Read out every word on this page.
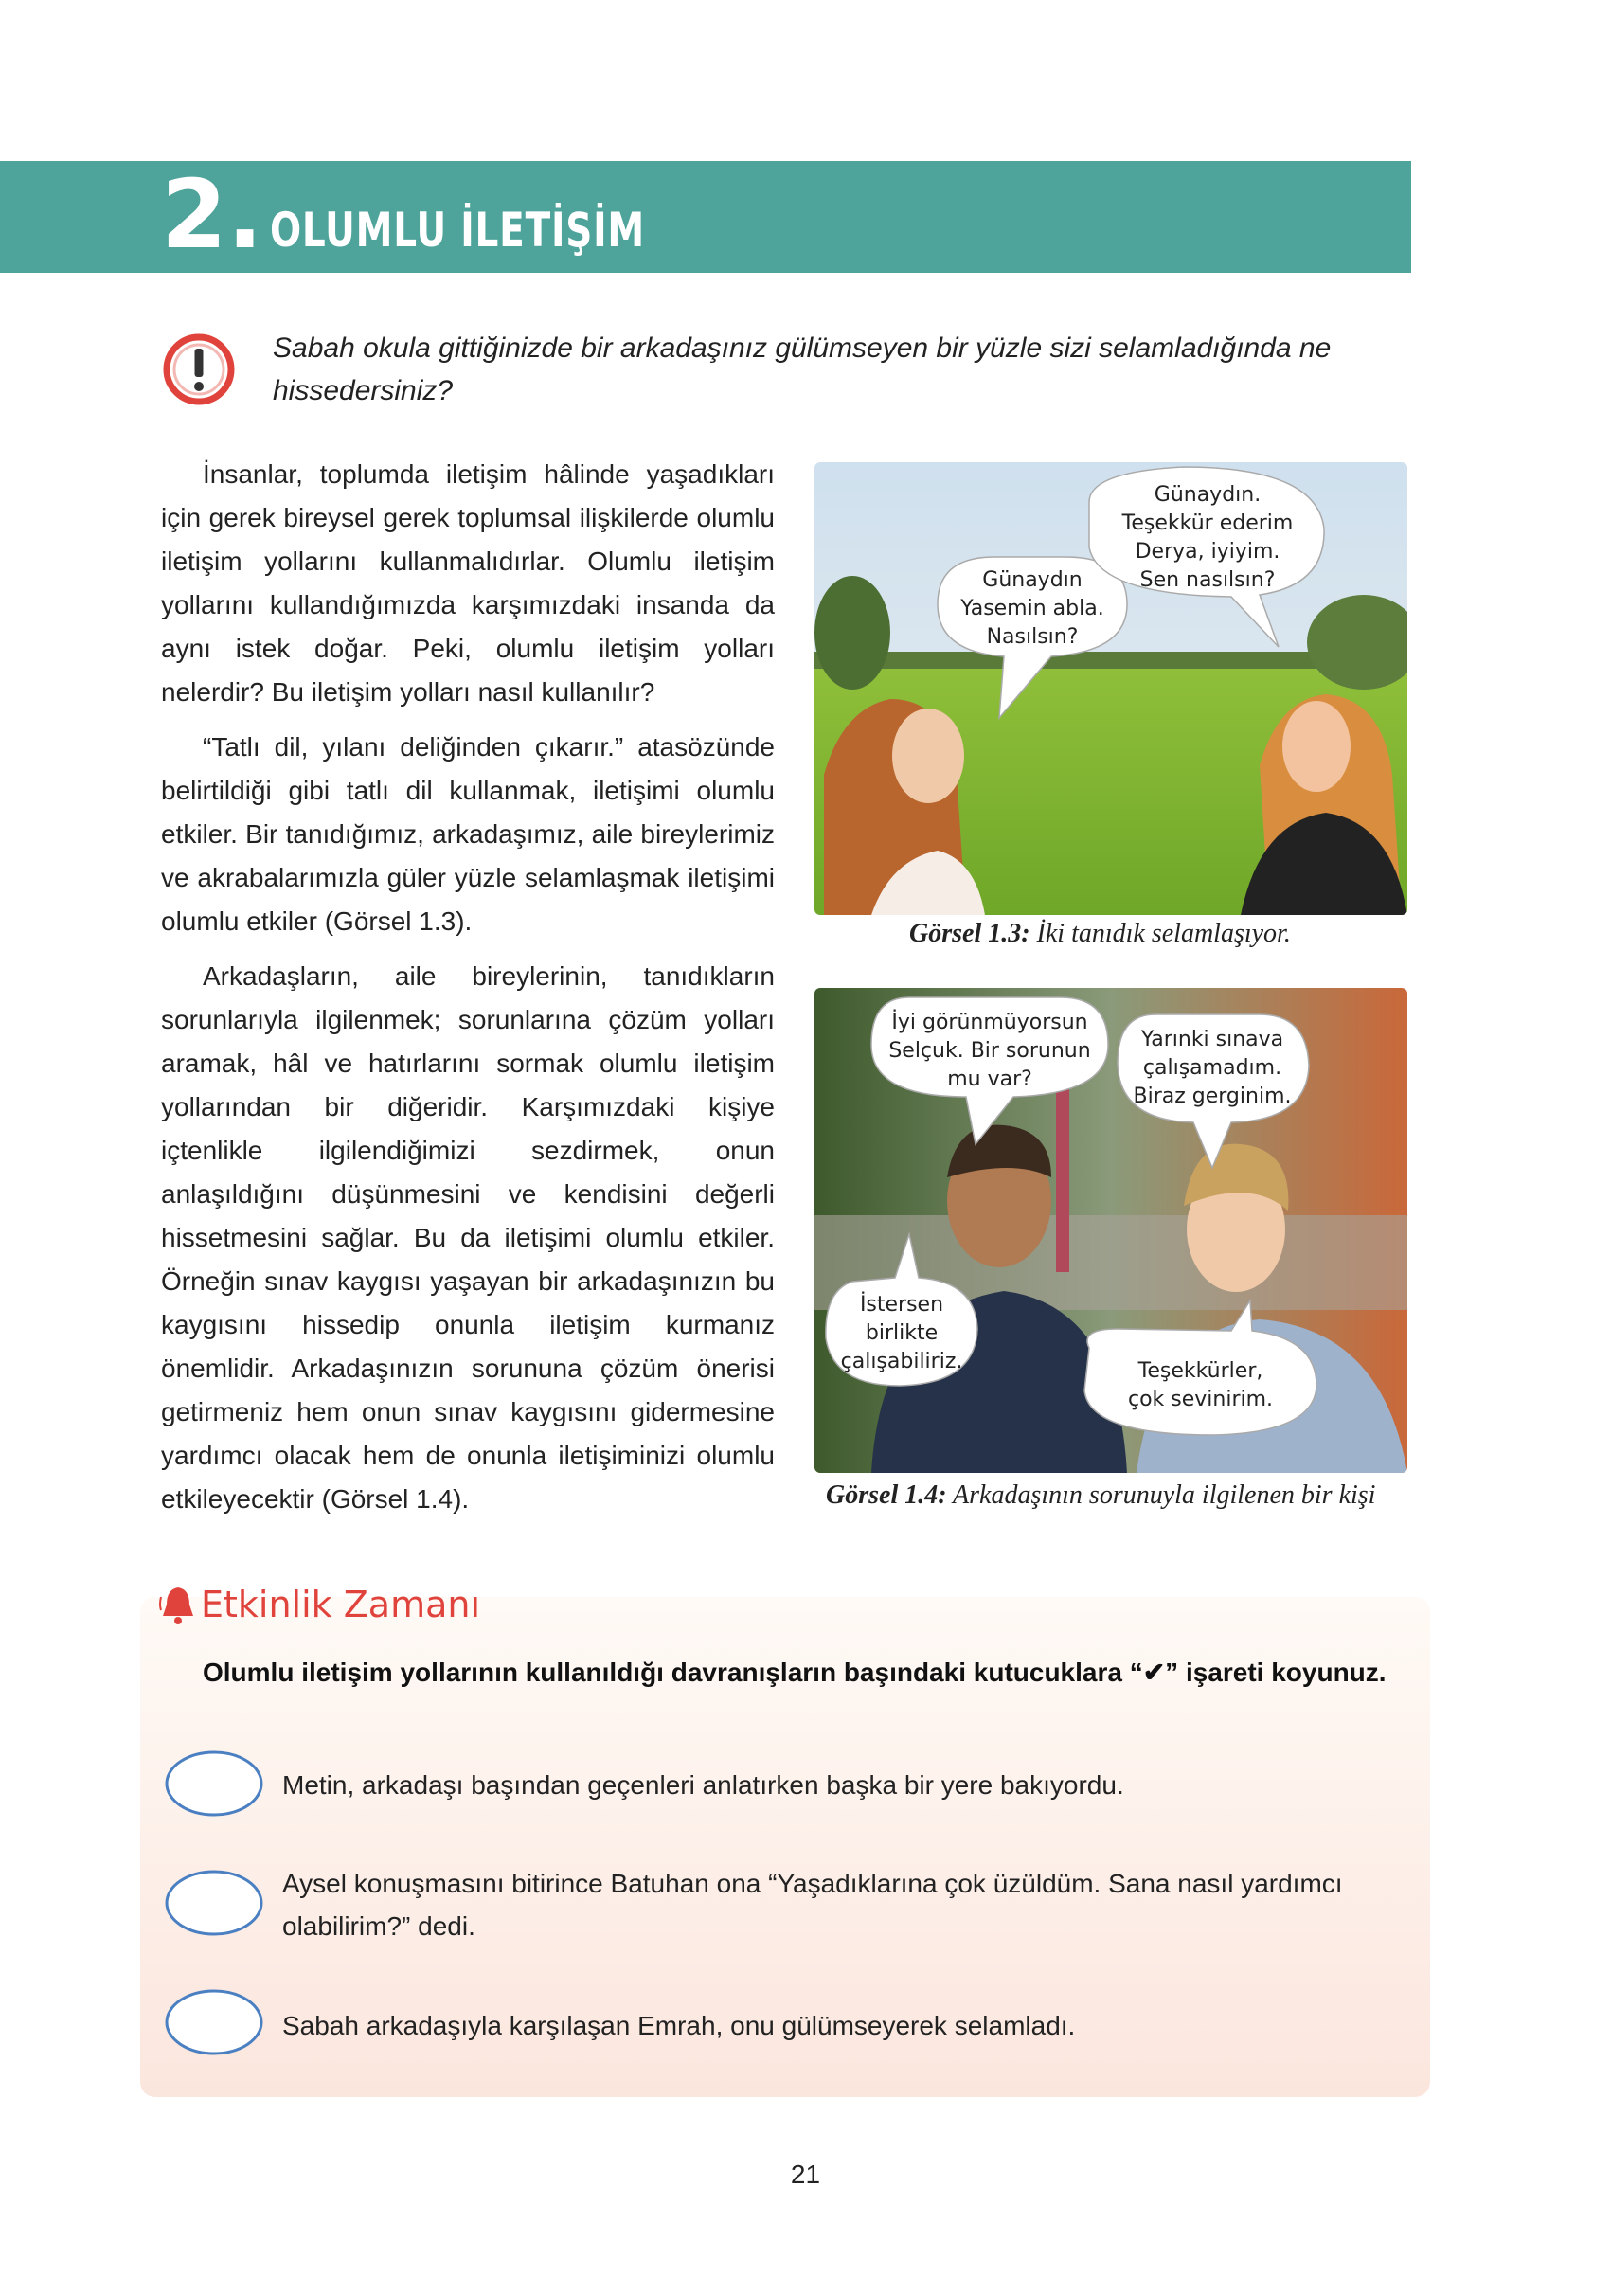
2. OLUMLU İLETİŞİM
Sabah okula gittiğinizde bir arkadaşınız gülümseyen bir yüzle sizi selamladığında ne hissedersiniz?

İnsanlar, toplumda iletişim hâlinde yaşadıkları için gerek bireysel gerek toplumsal ilişkilerde olumlu iletişim yollarını kullanmalıdırlar. Olumlu iletişim yollarını kullandığımızda karşımızdaki insanda da aynı istek doğar. Peki, olumlu iletişim yolları nelerdir? Bu iletişim yolları nasıl kullanılır?

“Tatlı dil, yılanı deliğinden çıkarır.” atasözünde belirtildiği gibi tatlı dil kullanmak, iletişimi olumlu etkiler. Bir tanıdığımız, arkadaşımız, aile bireylerimiz ve akrabalarımızla güler yüzle selamlaşmak iletişimi olumlu etkiler (Görsel 1.3).

Arkadaşların, aile bireylerinin, tanıdıkların sorunlarıyla ilgilenmek; sorunlarına çözüm yolları aramak, hâl ve hatırlarını sormak olumlu iletişim yollarından bir diğeridir. Karşımızdaki kişiye içtenlikle ilgilendiğimizi sezdirmek, onun anlaşıldığını düşünmesini ve kendisini değerli hissetmesini sağlar. Bu da iletişimi olumlu etkiler. Örneğin sınav kaygısı yaşayan bir arkadaşınızın bu kaygısını hissedip onunla iletişim kurmanız önemlidir. Arkadaşınızın sorununa çözüm önerisi getirmeniz hem onun sınav kaygısını gidermesine yardımcı olacak hem de onunla iletişiminizi olumlu etkileyecektir (Görsel 1.4).

Günaydın
Yasemin abla.
Nasılsın?
Günaydın.
Teşekkür ederim
Derya, iyiyim.
Sen nasılsın?
Görsel 1.3: İki tanıdık selamlaşıyor.
İyi görünmüyorsun
Selçuk. Bir sorunun
mu var?
Yarınki sınava
çalışamadım.
Biraz gerginim.
İstersen
birlikte
çalışabiliriz.	Teşekkürler,
çok sevinirim.
Görsel 1.4: Arkadaşının sorunuyla ilgilenen bir kişi
Etkinlik Zamanı
Olumlu iletişim yollarının kullanıldığı davranışların başındaki kutucuklara “✔” işareti koyunuz.
Metin, arkadaşı başından geçenleri anlatırken başka bir yere bakıyordu.
Aysel konuşmasını bitirince Batuhan ona “Yaşadıklarına çok üzüldüm. Sana nasıl yardımcı olabilirim?” dedi.
Sabah arkadaşıyla karşılaşan Emrah, onu gülümseyerek selamladı.
21
